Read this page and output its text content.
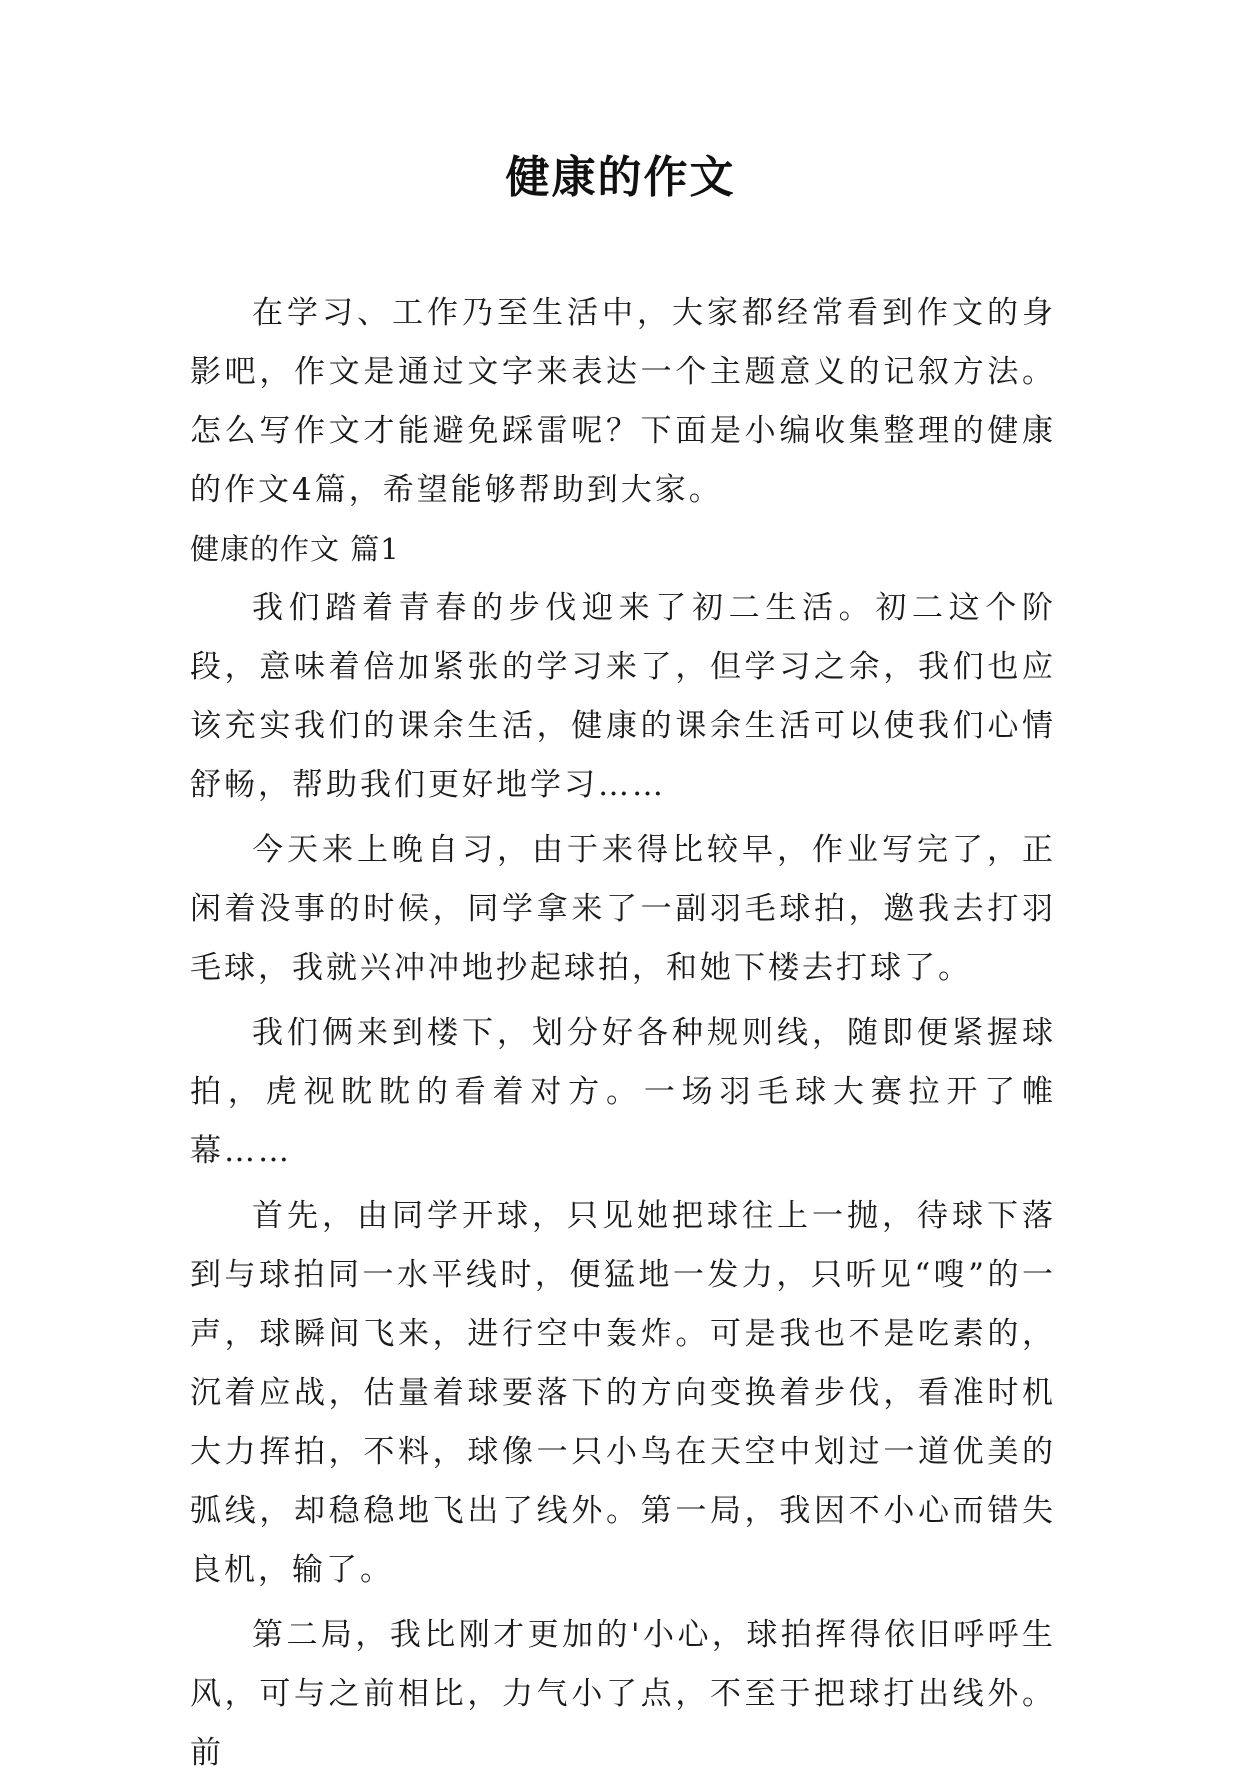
健康的作文

在学习、工作乃至生活中，大家都经常看到作文的身影吧，作文是通过文字来表达一个主题意义的记叙方法。怎么写作文才能避免踩雷呢？下面是小编收集整理的健康的作文4篇，希望能够帮助到大家。

健康的作文 篇1

我们踏着青春的步伐迎来了初二生活。初二这个阶段，意味着倍加紧张的学习来了，但学习之余，我们也应该充实我们的课余生活，健康的课余生活可以使我们心情舒畅，帮助我们更好地学习……

今天来上晚自习，由于来得比较早，作业写完了，正闲着没事的时候，同学拿来了一副羽毛球拍，邀我去打羽毛球，我就兴冲冲地抄起球拍，和她下楼去打球了。

我们俩来到楼下，划分好各种规则线，随即便紧握球拍，虎视眈眈的看着对方。一场羽毛球大赛拉开了帷幕……

首先，由同学开球，只见她把球往上一抛，待球下落到与球拍同一水平线时，便猛地一发力，只听见“嗖”的一声，球瞬间飞来，进行空中轰炸。可是我也不是吃素的，沉着应战，估量着球要落下的方向变换着步伐，看准时机大力挥拍，不料，球像一只小鸟在天空中划过一道优美的弧线，却稳稳地飞出了线外。第一局，我因不小心而错失良机，输了。

第二局，我比刚才更加的'小心，球拍挥得依旧呼呼生风，可与之前相比，力气小了点，不至于把球打出线外。前
